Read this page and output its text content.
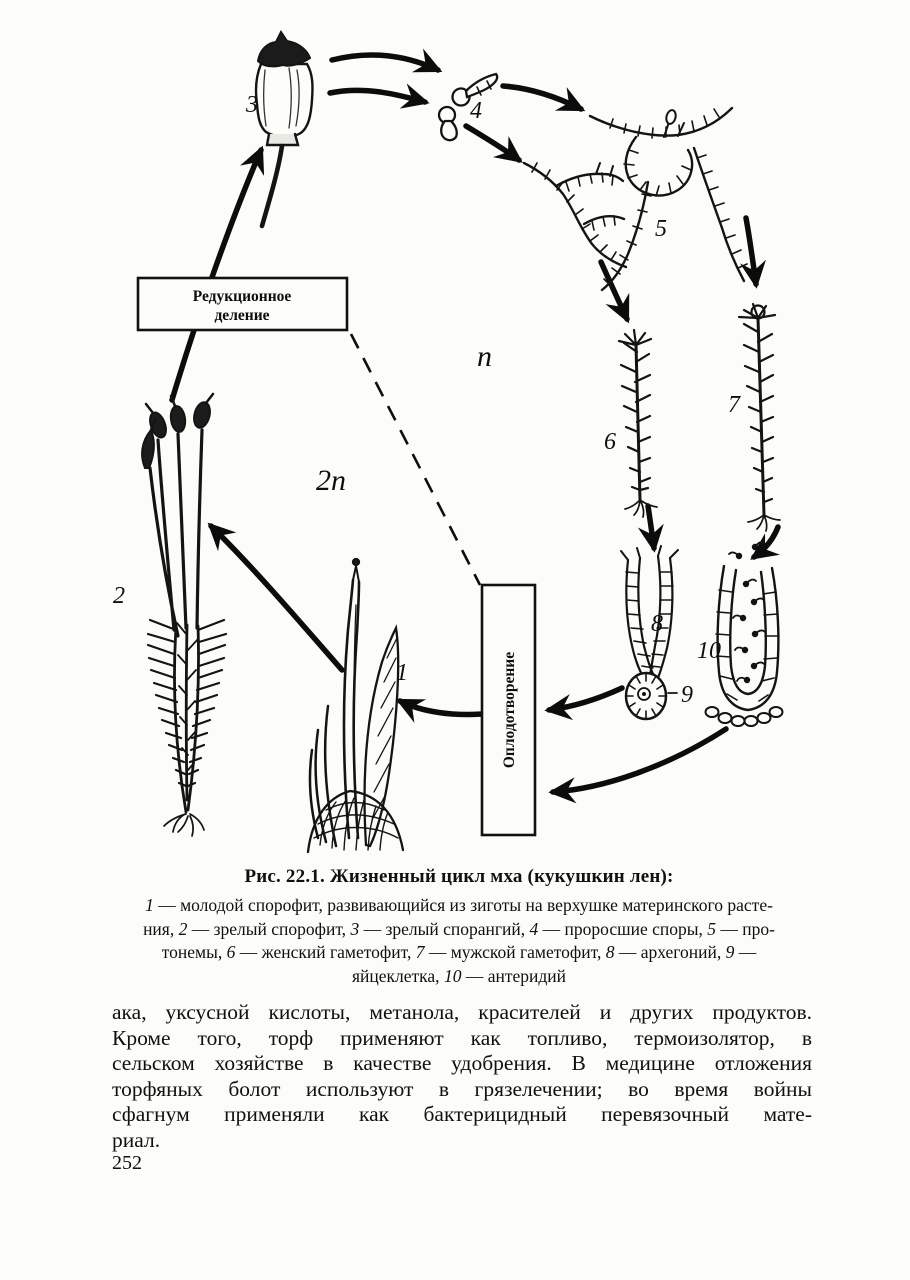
Редукционное
деление
Оплодотворение
1
2
3	4
5
6
7
8
9
10
n
2n
Рис. 22.1. Жизненный цикл мха (кукушкин лен):
1 — молодой спорофит, развивающийся из зиготы на верхушке материнского расте-
ния, 2 — зрелый спорофит, 3 — зрелый спорангий, 4 — проросшие споры, 5 — про-
тонемы, 6 — женский гаметофит, 7 — мужской гаметофит, 8 — архегоний, 9 —
яйцеклетка, 10 — антеридий
ака, уксусной кислоты, метанола, красителей и других продуктов.
Кроме того, торф применяют как топливо, термоизолятор, в
сельском хозяйстве в качестве удобрения. В медицине отложения
торфяных болот используют в грязелечении; во время войны
сфагнум применяли как бактерицидный перевязочный мате-
риал.
252
